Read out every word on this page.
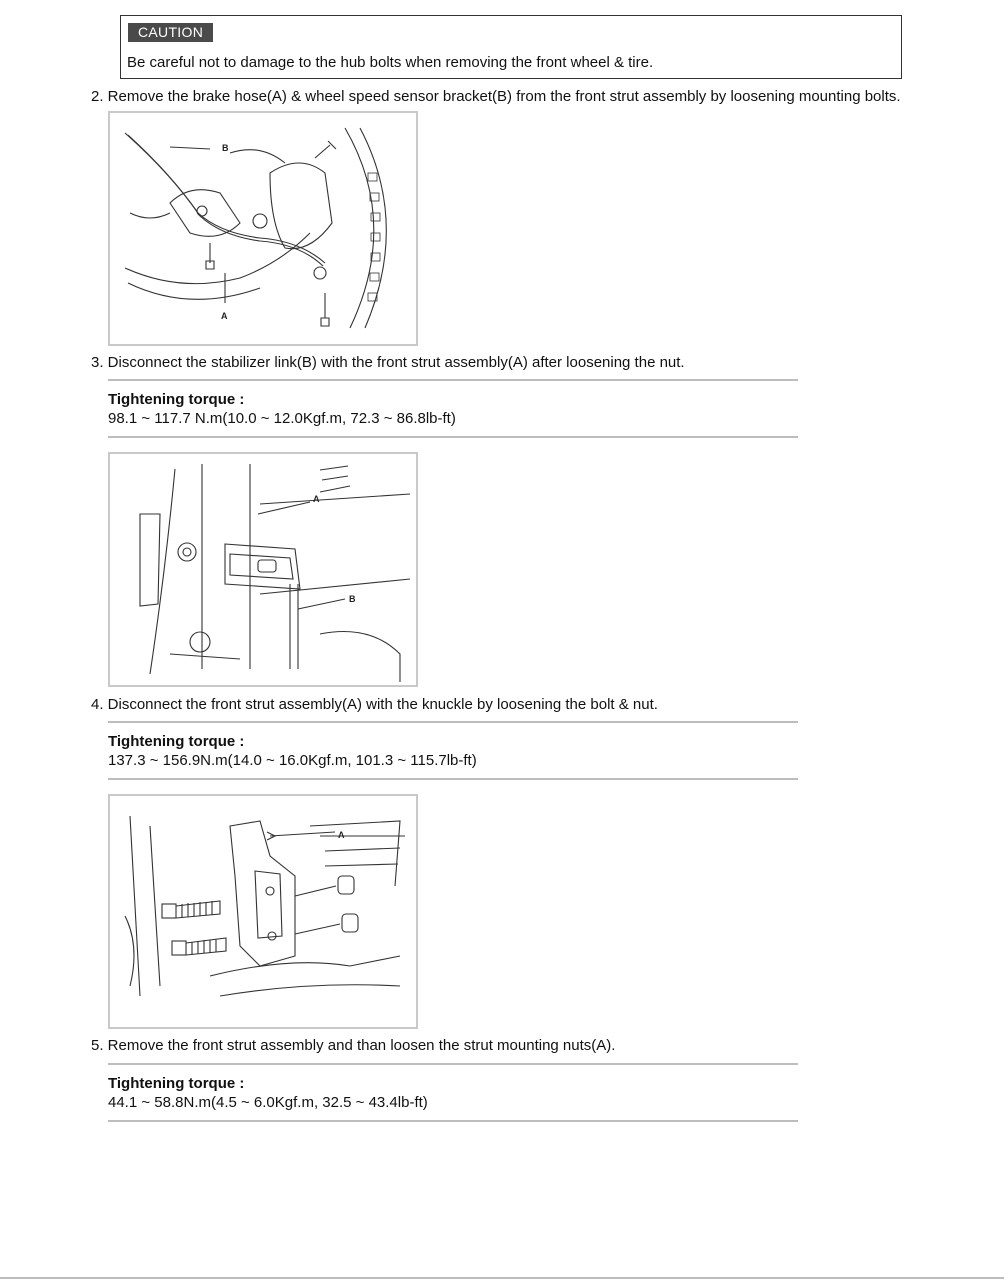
CAUTION
Be careful not to damage to the hub bolts when removing the front wheel & tire.
2. Remove the brake hose(A) & wheel speed sensor bracket(B) from the front strut assembly by loosening mounting bolts.
B
A
3. Disconnect the stabilizer link(B) with the front strut assembly(A) after loosening the nut.

Tightening torque :

98.1 ~ 117.7 N.m(10.0 ~ 12.0Kgf.m, 72.3 ~ 86.8lb-ft)

A
B
4. Disconnect the front strut assembly(A) with the knuckle by loosening the bolt & nut.

Tightening torque :

137.3 ~ 156.9N.m(14.0 ~ 16.0Kgf.m, 101.3 ~ 115.7lb-ft)

A
5. Remove the front strut assembly and than loosen the strut mounting nuts(A).

Tightening torque :

44.1 ~ 58.8N.m(4.5 ~ 6.0Kgf.m, 32.5 ~ 43.4lb-ft)
